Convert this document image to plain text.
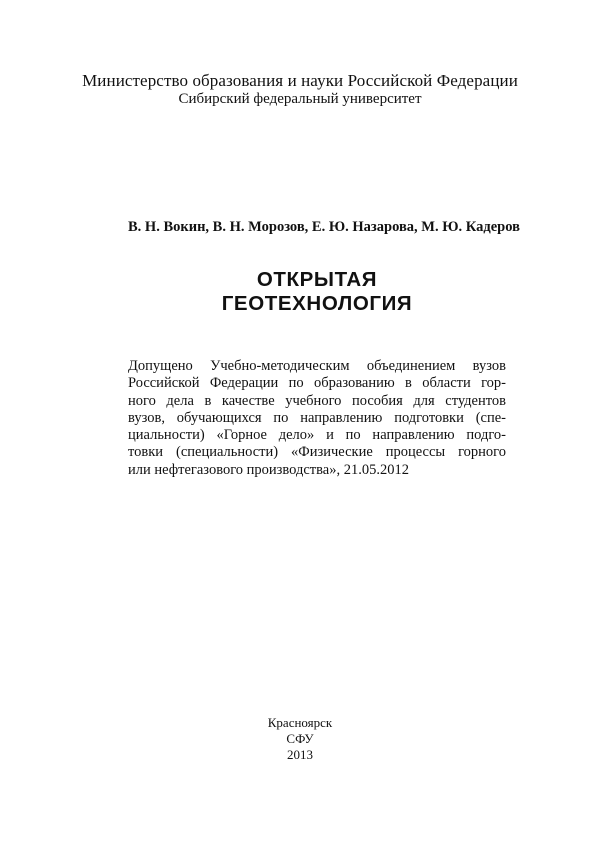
Министерство образования и науки Российской Федерации
Сибирский федеральный университет
В. Н. Вокин, В. Н. Морозов, Е. Ю. Назарова, М. Ю. Кадеров
ОТКРЫТАЯ
ГЕОТЕХНОЛОГИЯ
Допущено Учебно-методическим объединением вузов
Российской Федерации по образованию в области гор-
ного дела в качестве учебного пособия для студентов
вузов, обучающихся по направлению подготовки (спе-
циальности) «Горное дело» и по направлению подго-
товки (специальности) «Физические процессы горного
или нефтегазового производства», 21.05.2012
Красноярск
СФУ
2013
